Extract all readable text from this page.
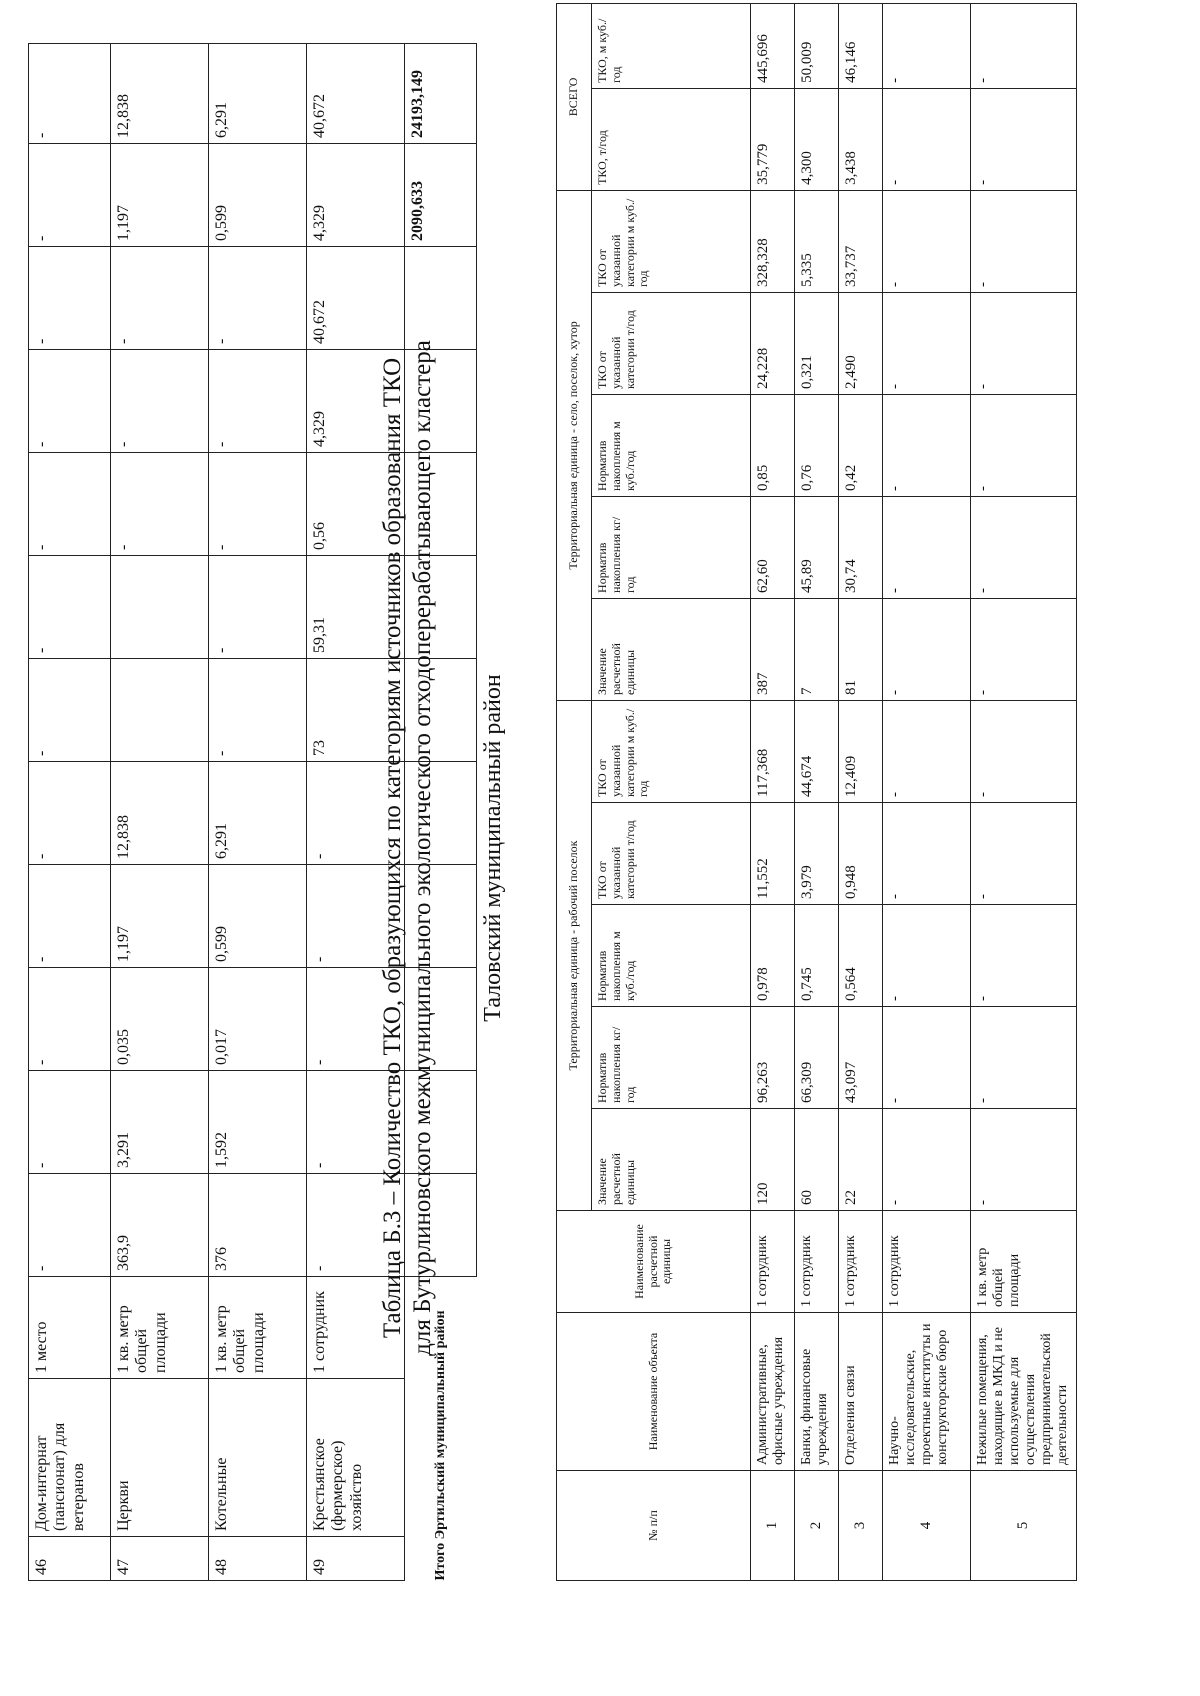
46	Дом-интернат (пансионат) для ветеранов	1 место	-	-	-	-	-	-	-	-	-	-	-	-
47	Церкви	1 кв. метр общей площади	363,9	3,291	0,035	1,197	12,838			-	-	-	1,197	12,838
48	Котельные	1 кв. метр общей площади	376	1,592	0,017	0,599	6,291	-	-	-	-	-	0,599	6,291
49	Крестьянское (фермерское) хозяйство	1 сотрудник	-	-	-	-	-	73	59,31	0,56	4,329	40,672	4,329	40,672
Итого Эртильский муниципальный район													2090,633	24193,149
Таблица Б.3 – Количество ТКО, образующихся по категориям источников образования ТКО для Бутурлиновского межмуниципального экологического отходоперерабатывающего кластера Таловский муниципальный район
№ п/п	Наименование объекта	Наименование расчетной единицы	Территориальная единица - рабочий поселок					Территориальная единица - село, поселок, хутор					ВСЕГО	
			Значение расчетной единицы	Норматив накопления кг/год	Норматив накопления м куб./год	ТКО от указанной категории т/год	ТКО от указанной категории м куб./год	Значение расчетной единицы	Норматив накопления кг/год	Норматив накопления м куб./год	ТКО от указанной категории т/год	ТКО от указанной категории м куб./год	ТКО, т/год	ТКО, м куб./год
1	Административные, офисные учреждения	1 сотрудник	120	96,263	0,978	11,552	117,368	387	62,60	0,85	24,228	328,328	35,779	445,696
2	Банки, финансовые учреждения	1 сотрудник	60	66,309	0,745	3,979	44,674	7	45,89	0,76	0,321	5,335	4,300	50,009
3	Отделения связи	1 сотрудник	22	43,097	0,564	0,948	12,409	81	30,74	0,42	2,490	33,737	3,438	46,146
4	Научно-исследовательские, проектные институты и конструкторские бюро	1 сотрудник	-	-	-	-	-	-	-	-	-	-	-	-
5	Нежилые помещения, находящие в МКД и не используемые для осуществления предпринимательской деятельности	1 кв. метр общей площади	-	-	-	-	-	-	-	-	-	-	-	-
